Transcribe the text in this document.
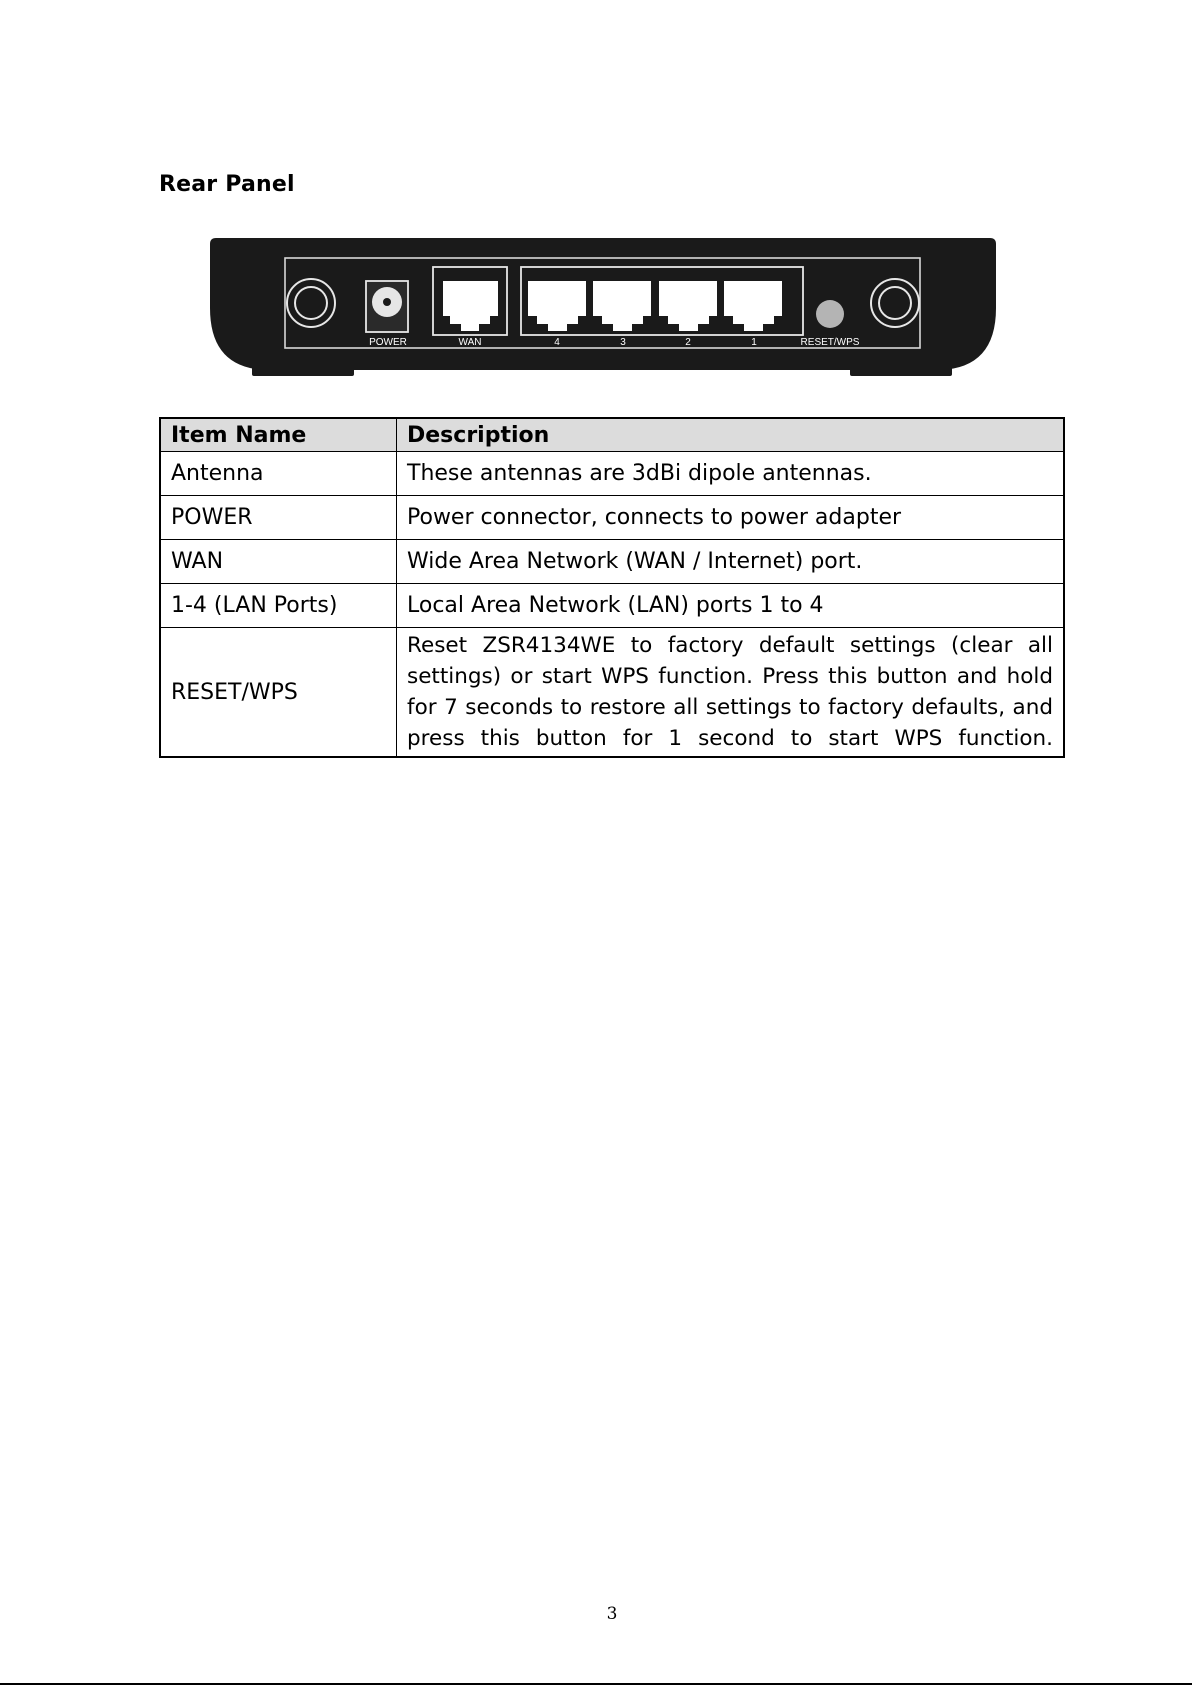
Rear Panel
POWER	WAN	4	3	2	1	RESET/WPS
Item Name	Description
Antenna	These antennas are 3dBi dipole antennas.
POWER	Power connector, connects to power adapter
WAN	Wide Area Network (WAN / Internet) port.
1-4 (LAN Ports)	Local Area Network (LAN) ports 1 to 4
RESET/WPS	Reset ZSR4134WE to factory default settings (clear all settings) or start WPS function. Press this button and hold for 7 seconds to restore all settings to factory defaults, and press this button for 1 second to start WPS function.
3
